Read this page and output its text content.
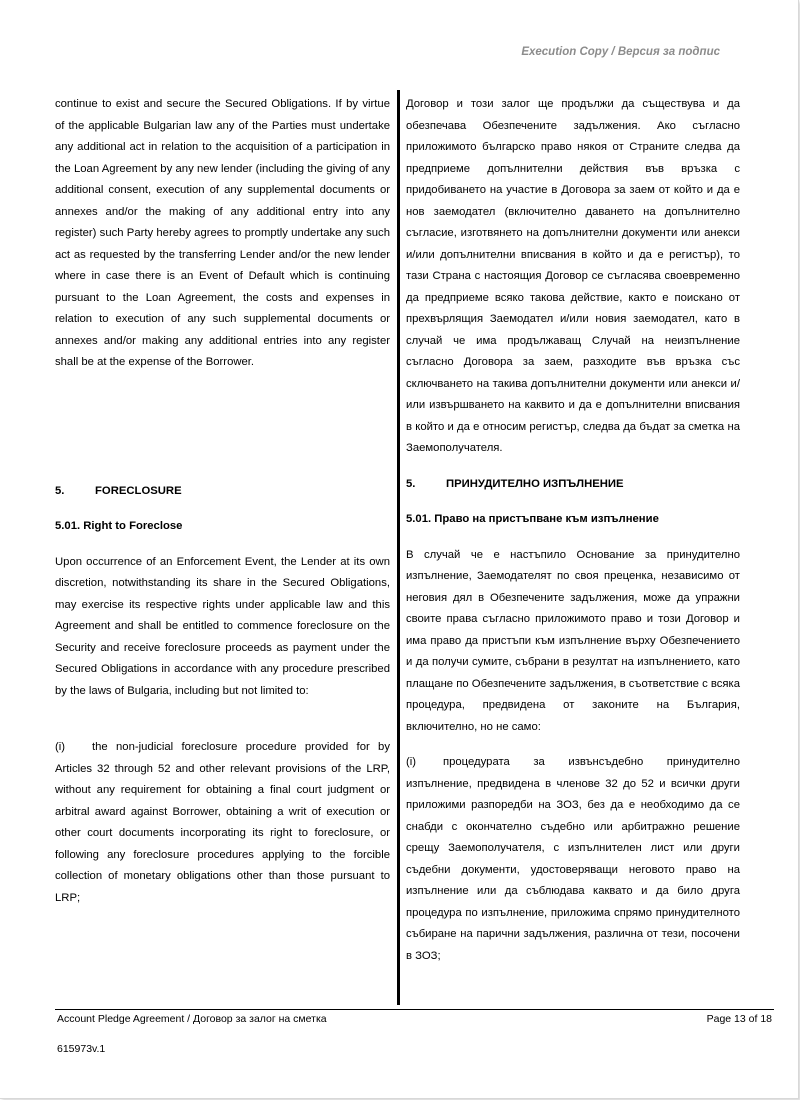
Execution Copy / Версия за подпис

continue to exist and secure the Secured Obligations. If by virtue of the applicable Bulgarian law any of the Parties must undertake any additional act in relation to the acquisition of a participation in the Loan Agreement by any new lender (including the giving of any additional consent, execution of any supplemental documents or annexes and/or the making of any additional entry into any register) such Party hereby agrees to promptly undertake any such act as requested by the transferring Lender and/or the new lender where in case there is an Event of Default which is continuing pursuant to the Loan Agreement, the costs and expenses in relation to execution of any such supplemental documents or annexes and/or making any additional entries into any register shall be at the expense of the Borrower.

5.	FORECLOSURE

5.01. Right to Foreclose

Upon occurrence of an Enforcement Event, the Lender at its own discretion, notwithstanding its share in the Secured Obligations, may exercise its respective rights under applicable law and this Agreement and shall be entitled to commence foreclosure on the Security and receive foreclosure proceeds as payment under the Secured Obligations in accordance with any procedure prescribed by the laws of Bulgaria, including but not limited to:

(i) the non-judicial foreclosure procedure provided for by Articles 32 through 52 and other relevant provisions of the LRP, without any requirement for obtaining a final court judgment or arbitral award against Borrower, obtaining a writ of execution or other court documents incorporating its right to foreclosure, or following any foreclosure procedures applying to the forcible collection of monetary obligations other than those pursuant to LRP;

Договор и този залог ще продължи да съществува и да обезпечава Обезпечените задължения. Ако съгласно приложимото българско право някоя от Страните следва да предприеме допълнителни действия във връзка с придобиването на участие в Договора за заем от който и да е нов заемодател (включително даването на допълнително съгласие, изготвянето на допълнителни документи или анекси и/или допълнителни вписвания в който и да е регистър), то тази Страна с настоящия Договор се съгласява своевременно да предприеме всяко такова действие, както е поискано от прехвърлящия Заемодател и/или новия заемодател, като в случай че има продължаващ Случай на неизпълнение съгласно Договора за заем, разходите във връзка със сключването на такива допълнителни документи или анекси и/или извършването на каквито и да е допълнителни вписвания в който и да е относим регистър, следва да бъдат за сметка на Заемополучателя.

5.	ПРИНУДИТЕЛНО ИЗПЪЛНЕНИЕ

5.01. Право на пристъпване към изпълнение

В случай че е настъпило Основание за принудително изпълнение, Заемодателят по своя преценка, независимо от неговия дял в Обезпечените задължения, може да упражни своите права съгласно приложимото право и този Договор и има право да пристъпи към изпълнение върху Обезпечението и да получи сумите, събрани в резултат на изпълнението, като плащане по Обезпечените задължения, в съответствие с всяка процедура, предвидена от законите на България, включително, но не само:

(i) процедурата за извънсъдебно принудително изпълнение, предвидена в членове 32 до 52 и всички други приложими разпоредби на ЗОЗ, без да е необходимо да се снабди с окончателно съдебно или арбитражно решение срещу Заемополучателя, с изпълнителен лист или други съдебни документи, удостоверяващи неговото право на изпълнение или да съблюдава каквато и да било друга процедура по изпълнение, приложима спрямо принудителното събиране на парични задължения, различна от тези, посочени в ЗОЗ;

Account Pledge Agreement / Договор за залог на сметка	Page 13 of 18
615973v.1
